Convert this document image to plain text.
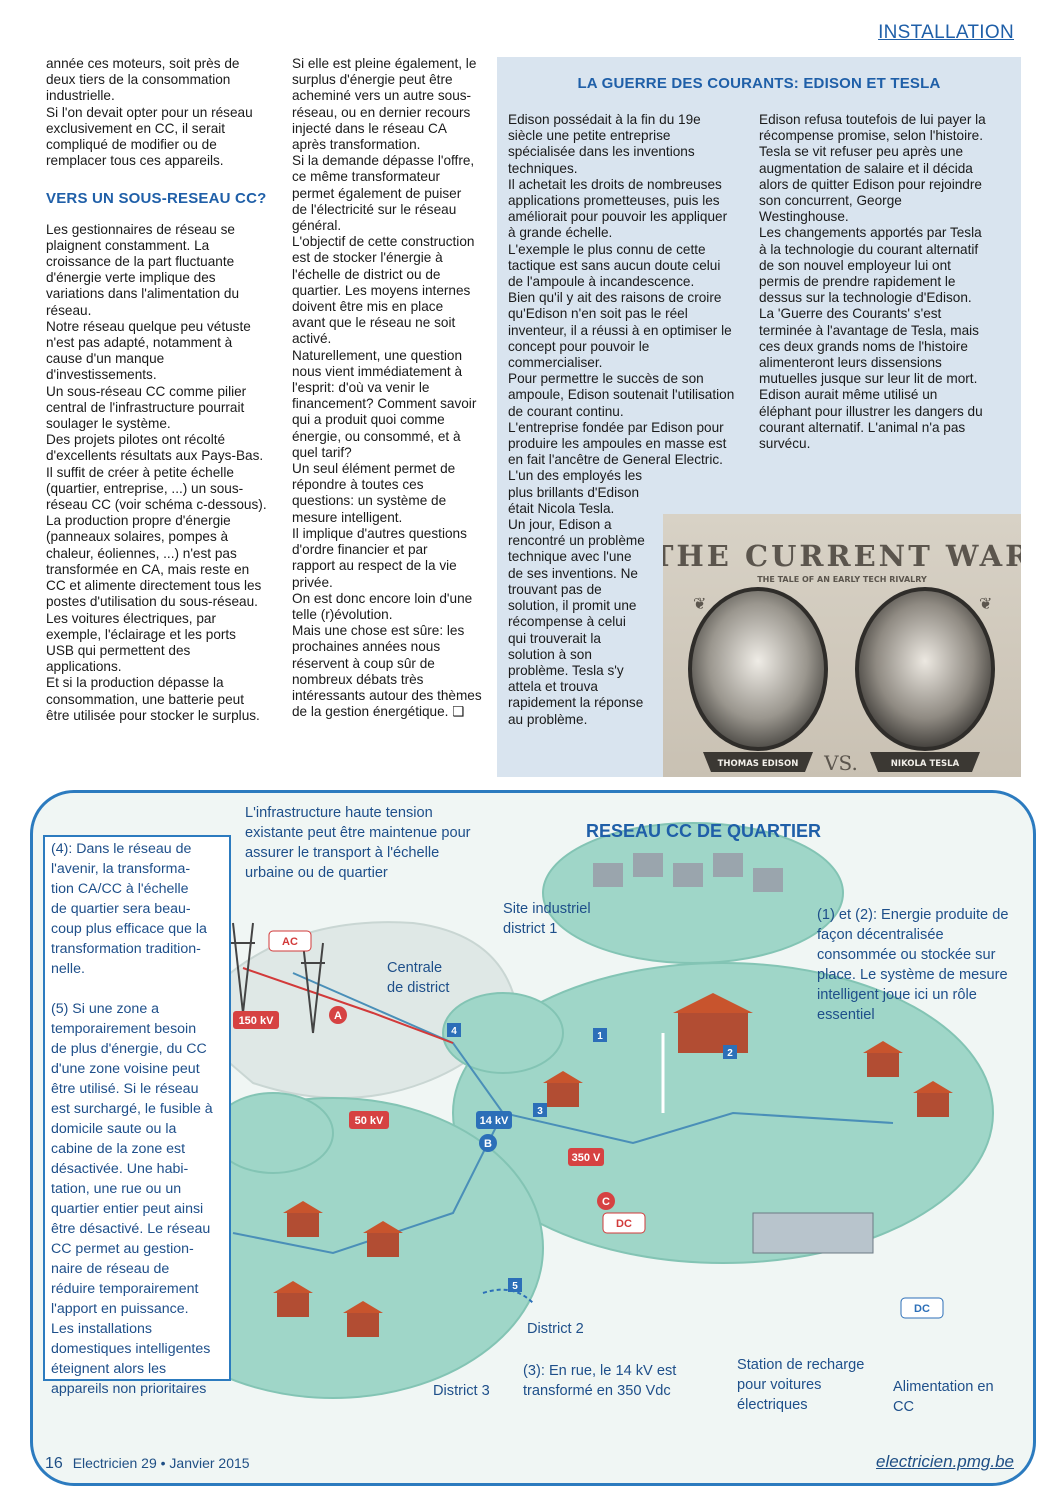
INSTALLATION

année ces moteurs, soit près de
deux tiers de la consommation
industrielle.
Si l'on devait opter pour un réseau
exclusivement en CC, il serait
compliqué de modifier ou de
remplacer tous ces appareils.

VERS UN SOUS-RESEAU CC?

Les gestionnaires de réseau se
plaignent constamment. La
croissance de la part fluctuante
d'énergie verte implique des
variations dans l'alimentation du
réseau.
Notre réseau quelque peu vétuste
n'est pas adapté, notamment à
cause d'un manque
d'investissements.
Un sous-réseau CC comme pilier
central de l'infrastructure pourrait
soulager le système.
Des projets pilotes ont récolté
d'excellents résultats aux Pays-Bas.
Il suffit de créer à petite échelle
(quartier, entreprise, ...) un sous-
réseau CC (voir schéma c-dessous).
La production propre d'énergie
(panneaux solaires, pompes à
chaleur, éoliennes, ...) n'est pas
transformée en CA, mais reste en
CC et alimente directement tous les
postes d'utilisation du sous-réseau.
Les voitures électriques, par
exemple, l'éclairage et les ports
USB qui permettent des
applications.
Et si la production dépasse la
consommation, une batterie peut
être utilisée pour stocker le surplus.

Si elle est pleine également, le
surplus d'énergie peut être
acheminé vers un autre sous-
réseau, ou en dernier recours
injecté dans le réseau CA
après transformation.
Si la demande dépasse l'offre,
ce même transformateur
permet également de puiser
de l'électricité sur le réseau
général.
L'objectif de cette construction
est de stocker l'énergie à
l'échelle de district ou de
quartier. Les moyens internes
doivent être mis en place
avant que le réseau ne soit
activé.
Naturellement, une question
nous vient immédiatement à
l'esprit: d'où va venir le
financement? Comment savoir
qui a produit quoi comme
énergie, ou consommé, et à
quel tarif?
Un seul élément permet de
répondre à toutes ces
questions: un système de
mesure intelligent.
Il implique d'autres questions
d'ordre financier et par
rapport au respect de la vie
privée.
On est donc encore loin d'une
telle (r)évolution.
Mais une chose est sûre: les
prochaines années nous
réservent à coup sûr de
nombreux débats très
intéressants autour des thèmes
de la gestion énergétique. ❑

LA GUERRE DES COURANTS: EDISON ET TESLA

Edison possédait à la fin du 19e
siècle une petite entreprise
spécialisée dans les inventions
techniques.
Il achetait les droits de nombreuses
applications prometteuses, puis les
améliorait pour pouvoir les appliquer
à grande échelle.
L'exemple le plus connu de cette
tactique est sans aucun doute celui
de l'ampoule à incandescence.
Bien qu'il y ait des raisons de croire
qu'Edison n'en soit pas le réel
inventeur, il a réussi à en optimiser le
concept pour pouvoir le
commercialiser.
Pour permettre le succès de son
ampoule, Edison soutenait l'utilisation
de courant continu.
L'entreprise fondée par Edison pour
produire les ampoules en masse est
en fait l'ancêtre de General Electric.

L'un des employés les
plus brillants d'Edison
était Nicola Tesla.
Un jour, Edison a
rencontré un problème
technique avec l'une
de ses inventions. Ne
trouvant pas de
solution, il promit une
récompense à celui
qui trouverait la
solution à son
problème. Tesla s'y
attela et trouva
rapidement la réponse
au problème.

Edison refusa toutefois de lui payer la
récompense promise, selon l'histoire.
Tesla se vit refuser peu après une
augmentation de salaire et il décida
alors de quitter Edison pour rejoindre
son concurrent, George
Westinghouse.
Les changements apportés par Tesla
à la technologie du courant alternatif
de son nouvel employeur lui ont
permis de prendre rapidement le
dessus sur la technologie d'Edison.
La 'Guerre des Courants' s'est
terminée à l'avantage de Tesla, mais
ces deux grands noms de l'histoire
alimenteront leurs dissensions
mutuelles jusque sur leur lit de mort.
Edison aurait même utilisé un
éléphant pour illustrer les dangers du
courant alternatif. L'animal n'a pas
survécu.

THE CURRENT WAR
THE TALE OF AN EARLY TECH RIVALRY
❦	❦
THOMAS EDISON	NIKOLA TESLA
VS.
150 kV
50 kV	14 kV
350 V
AC
DC
DC
A
B
C
1
2
3
4
5
RESEAU CC DE QUARTIER
(4): Dans le réseau de
l'avenir, la transforma-
tion CA/CC à l'échelle
de quartier sera beau-
coup plus efficace que la
transformation tradition-
nelle.

(5) Si une zone a
temporairement besoin
de plus d'énergie, du CC
d'une zone voisine peut
être utilisé. Si le réseau
est surchargé, le fusible à
domicile saute ou la
cabine de la zone est
désactivée. Une habi-
tation, une rue ou un
quartier entier peut ainsi
être désactivé. Le réseau
CC permet au gestion-
naire de réseau de
réduire temporairement
l'apport en puissance.
Les installations
domestiques intelligentes
éteignent alors les
appareils non prioritaires
L'infrastructure haute tension
existante peut être maintenue pour
assurer le transport à l'échelle
urbaine ou de quartier
Site industriel
district 1
Centrale
de district
(1) et (2): Energie produite de
façon décentralisée
consommée ou stockée sur
place. Le système de mesure
intelligent joue ici un rôle
essentiel
District 2
District 3
(3): En rue, le 14 kV est
transformé en 350 Vdc
Station de recharge
pour voitures
électriques
Alimentation en
CC
16 Electricien 29 • Janvier 2015	electricien.pmg.be
